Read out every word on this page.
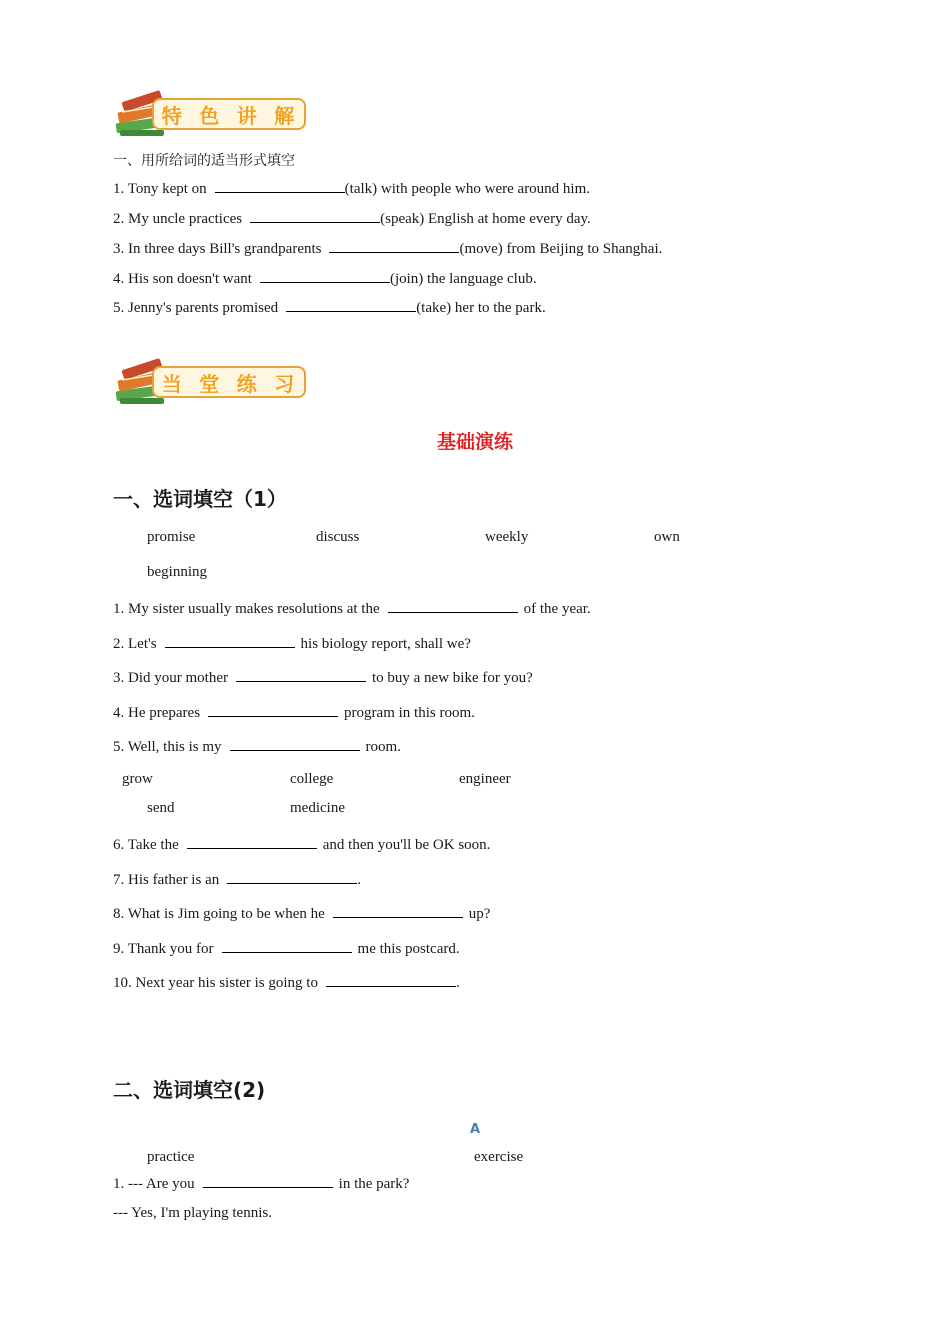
特 色 讲 解
一、用所给词的适当形式填空
1. Tony kept on	(talk) with people who were around him.
2. My uncle practices	(speak) English at home every day.
3. In three days Bill's grandparents	(move) from Beijing to Shanghai.
4. His son doesn't want	(join) the language club.
5. Jenny's parents promised	(take) her to the park.
当 堂 练 习
基础演练
一、选词填空（1）
promise	discuss	weekly	own
beginning
1. My sister usually makes resolutions at the	of the year.
2. Let's	his biology report, shall we?
3. Did your mother	to buy a new bike for you?
4. He prepares	program in this room.
5. Well, this is my	room.
grow	college	engineer
send	medicine
6. Take the	and then you'll be OK soon.
7. His father is an	.
8. What is Jim going to be when he	up?
9. Thank you for	me this postcard.
10. Next year his sister is going to	.
二、选词填空(2)
A
practice	exercise
1. --- Are you	in the park?
--- Yes, I'm playing tennis.
